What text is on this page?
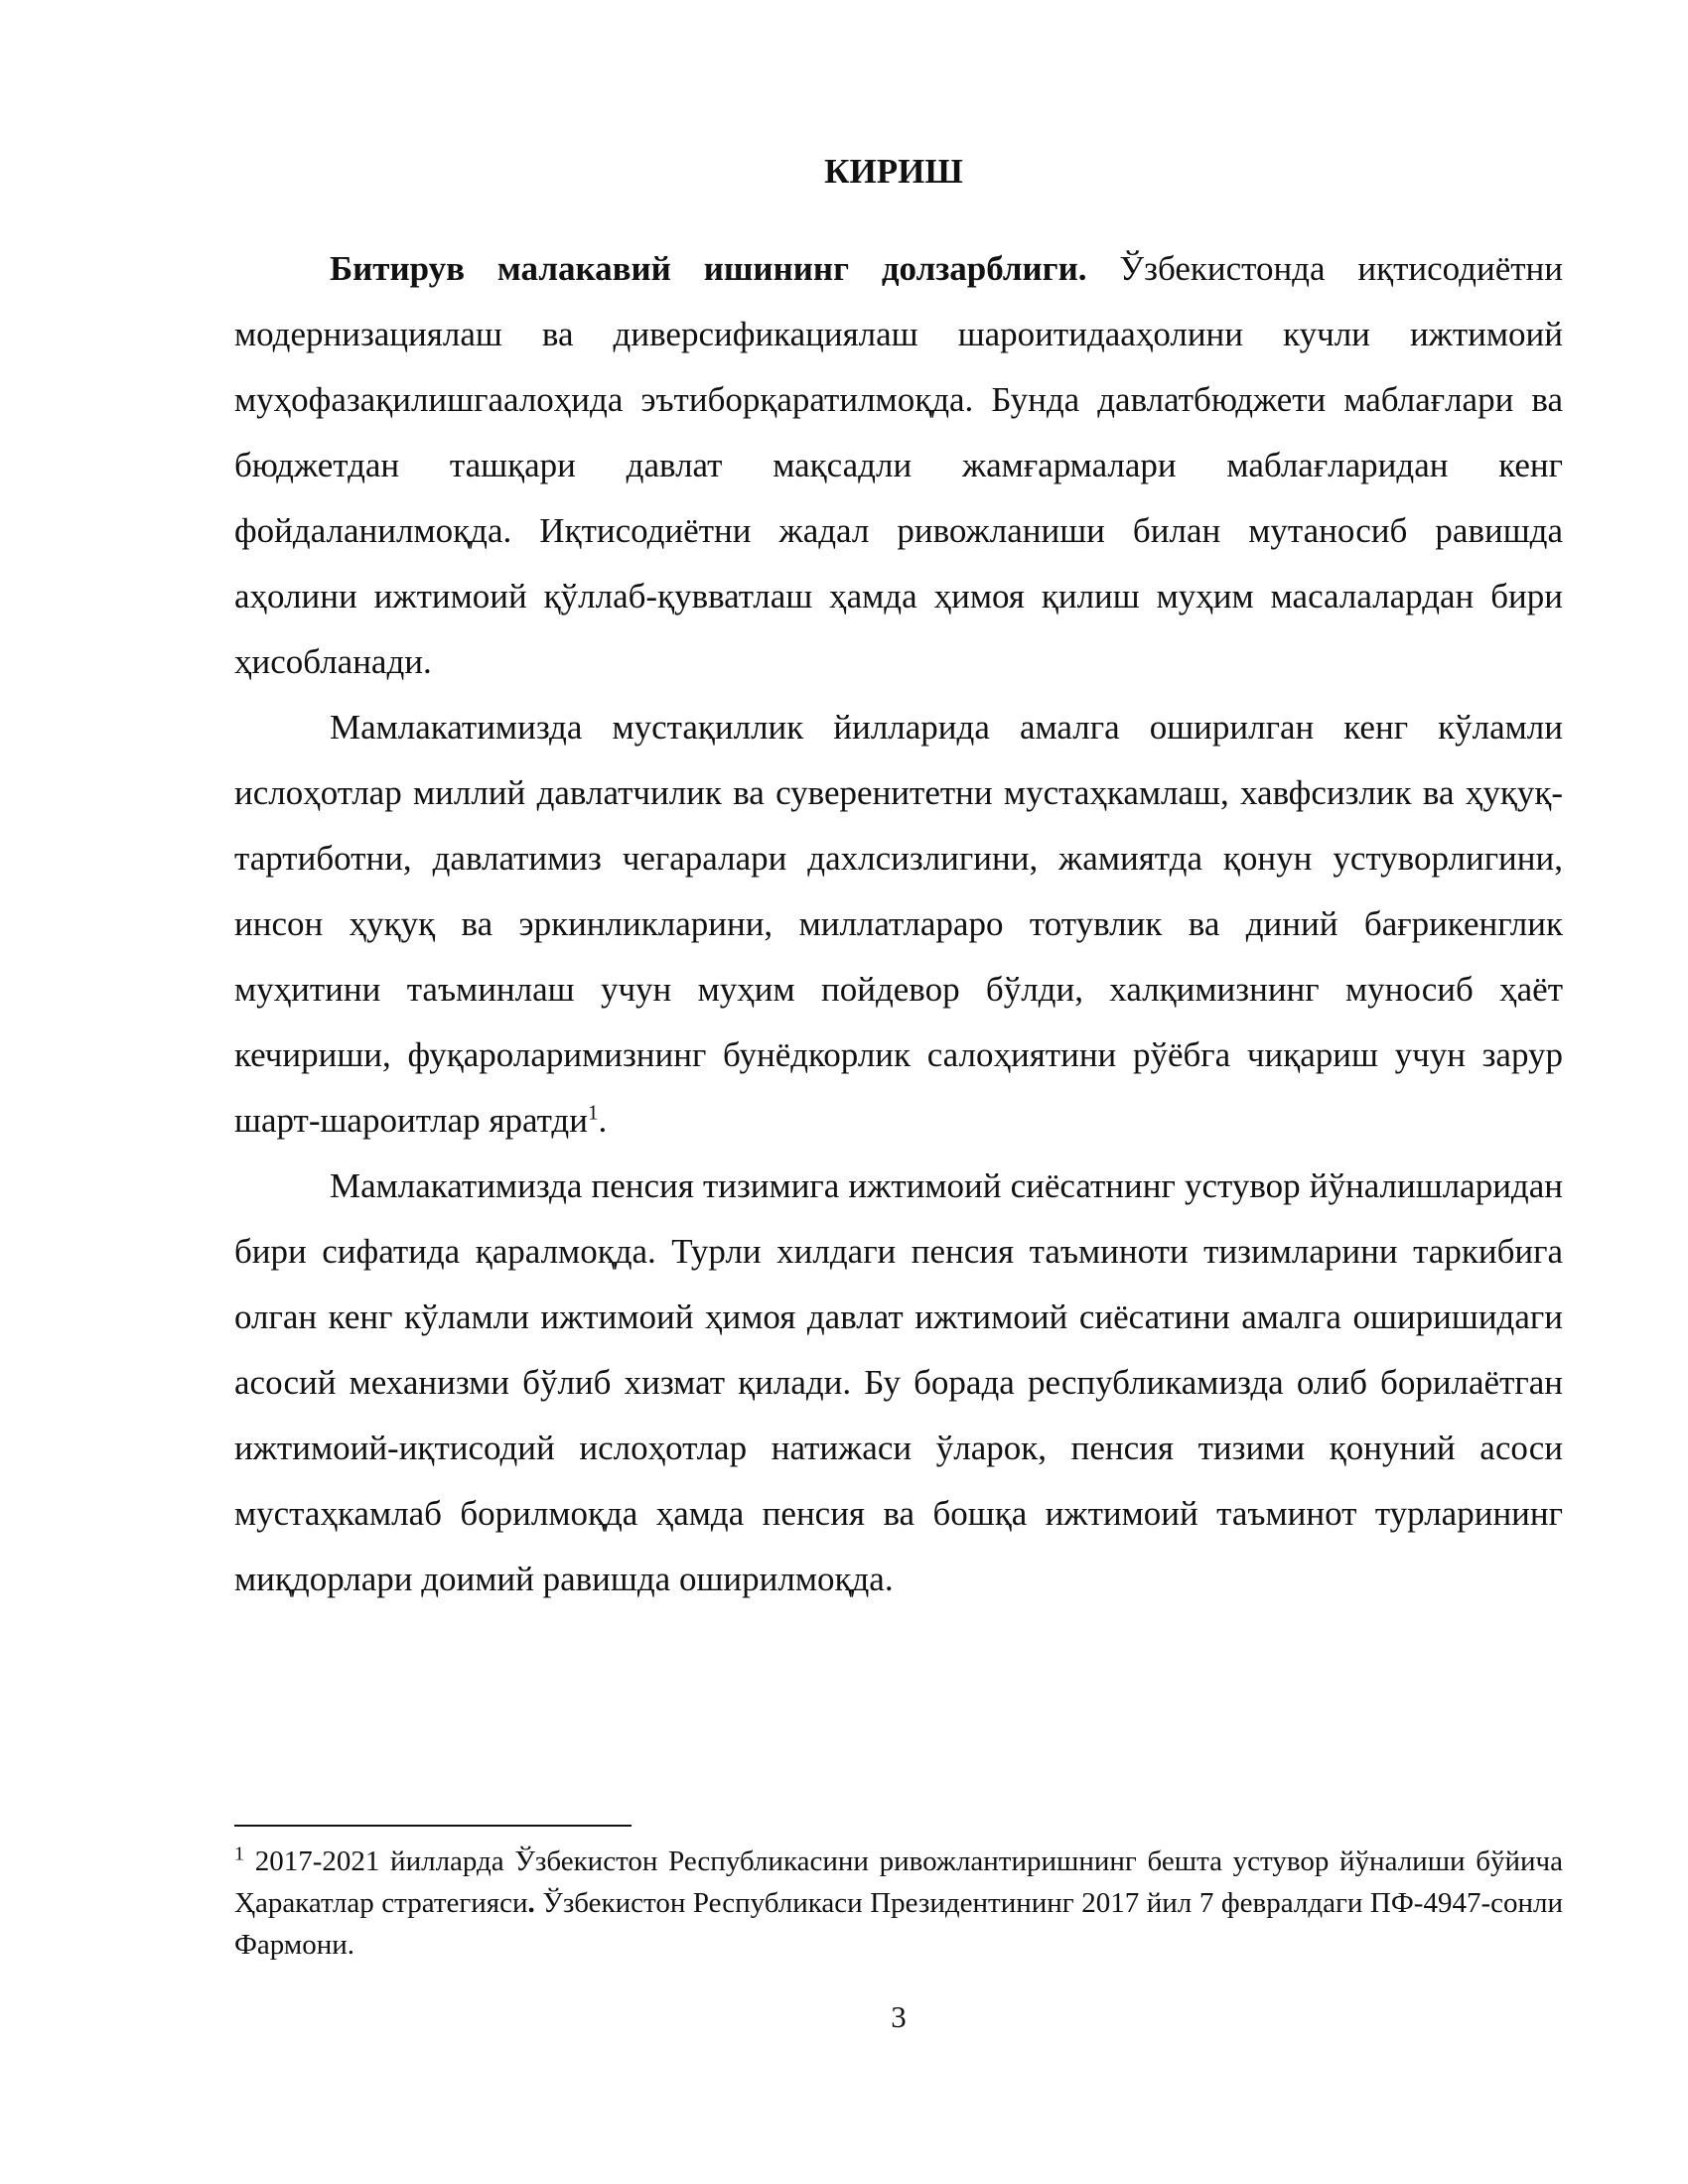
КИРИШ

Битирув малакавий ишининг долзарблиги. Ўзбекистонда иқтисодиётни модернизациялаш ва диверсификациялаш шароитидааҳолини кучли ижтимоий муҳофазақилишгаалоҳида эътиборқаратилмоқда. Бунда давлатбюджети маблағлари ва бюджетдан ташқари давлат мақсадли жамғармалари маблағларидан кенг фойдаланилмоқда. Иқтисодиётни жадал ривожланиши билан мутаносиб равишда аҳолини ижтимоий қўллаб-қувватлаш ҳамда ҳимоя қилиш муҳим масалалардан бири ҳисобланади.

Мамлакатимизда мустақиллик йилларида амалга оширилган кенг кўламли ислоҳотлар миллий давлатчилик ва суверенитетни мустаҳкамлаш, хавфсизлик ва ҳуқуқ-тартиботни, давлатимиз чегаралари дахлсизлигини, жамиятда қонун устуворлигини, инсон ҳуқуқ ва эркинликларини, миллатлараро тотувлик ва диний бағрикенглик муҳитини таъминлаш учун муҳим пойдевор бўлди, халқимизнинг муносиб ҳаёт кечириши, фуқароларимизнинг бунёдкорлик салоҳиятини рўёбга чиқариш учун зарур шарт-шароитлар яратди$^1$.

Мамлакатимизда пенсия тизимига ижтимоий сиёсатнинг устувор йўналишларидан бири сифатида қаралмоқда. Турли хилдаги пенсия таъминоти тизимларини таркибига олган кенг кўламли ижтимоий ҳимоя давлат ижтимоий сиёсатини амалга оширишидаги асосий механизми бўлиб хизмат қилади. Бу борада республикамизда олиб борилаётган ижтимоий-иқтисодий ислоҳотлар натижаси ўларок, пенсия тизими қонуний асоси мустаҳкамлаб борилмоқда ҳамда пенсия ва бошқа ижтимоий таъминот турларининг миқдорлари доимий равишда оширилмоқда.

$^1$ 2017-2021 йилларда Ўзбекистон Республикасини ривожлантиришнинг бешта устувор йўналиши бўйича Ҳаракатлар стратегияси. Ўзбекистон Республикаси Президентининг 2017 йил 7 февралдаги ПФ-4947-сонли Фармони.

3
